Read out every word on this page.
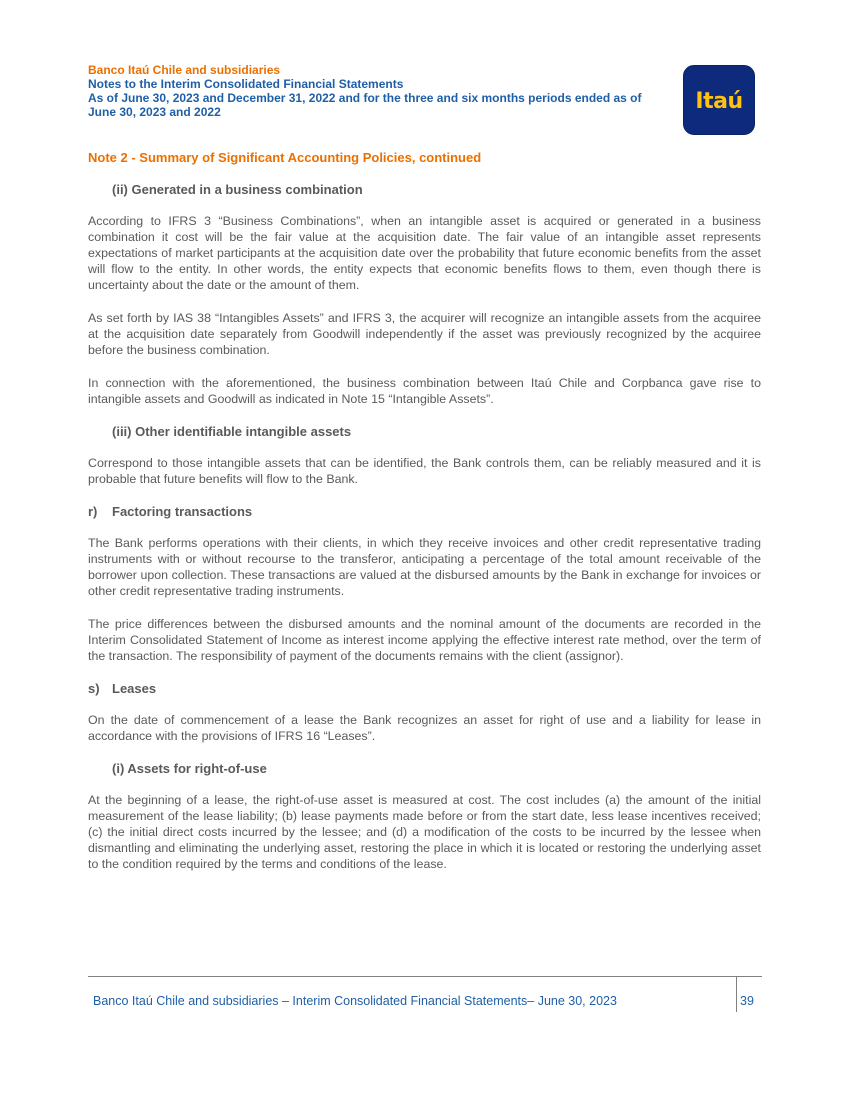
Banco Itaú Chile and subsidiaries
Notes to the Interim Consolidated Financial Statements
As of June 30, 2023 and December 31, 2022 and for the three and six months periods ended as of
June 30, 2023 and 2022	Itaú
Note 2 - Summary of Significant Accounting Policies, continued
(ii) Generated in a business combination

According to IFRS 3 “Business Combinations”, when an intangible asset is acquired or generated in a business combination it cost will be the fair value at the acquisition date. The fair value of an intangible asset represents expectations of market participants at the acquisition date over the probability that future economic benefits from the asset will flow to the entity. In other words, the entity expects that economic benefits flows to them, even though there is uncertainty about the date or the amount of them.

As set forth by IAS 38 “Intangibles Assets” and IFRS 3, the acquirer will recognize an intangible assets from the acquiree at the acquisition date separately from Goodwill independently if the asset was previously recognized by the acquiree before the business combination.

In connection with the aforementioned, the business combination between Itaú Chile and Corpbanca gave rise to intangible assets and Goodwill as indicated in Note 15 “Intangible Assets”.

(iii) Other identifiable intangible assets

Correspond to those intangible assets that can be identified, the Bank controls them, can be reliably measured and it is probable that future benefits will flow to the Bank.

r) Factoring transactions

The Bank performs operations with their clients, in which they receive invoices and other credit representative trading instruments with or without recourse to the transferor, anticipating a percentage of the total amount receivable of the borrower upon collection. These transactions are valued at the disbursed amounts by the Bank in exchange for invoices or other credit representative trading instruments.

The price differences between the disbursed amounts and the nominal amount of the documents are recorded in the Interim Consolidated Statement of Income as interest income applying the effective interest rate method, over the term of the transaction. The responsibility of payment of the documents remains with the client (assignor).

s) Leases

On the date of commencement of a lease the Bank recognizes an asset for right of use and a liability for lease in accordance with the provisions of IFRS 16 “Leases”.

(i) Assets for right-of-use

At the beginning of a lease, the right-of-use asset is measured at cost. The cost includes (a) the amount of the initial measurement of the lease liability; (b) lease payments made before or from the start date, less lease incentives received; (c) the initial direct costs incurred by the lessee; and (d) a modification of the costs to be incurred by the lessee when dismantling and eliminating the underlying asset, restoring the place in which it is located or restoring the underlying asset to the condition required by the terms and conditions of the lease.

Banco Itaú Chile and subsidiaries – Interim Consolidated Financial Statements– June 30, 2023	39
